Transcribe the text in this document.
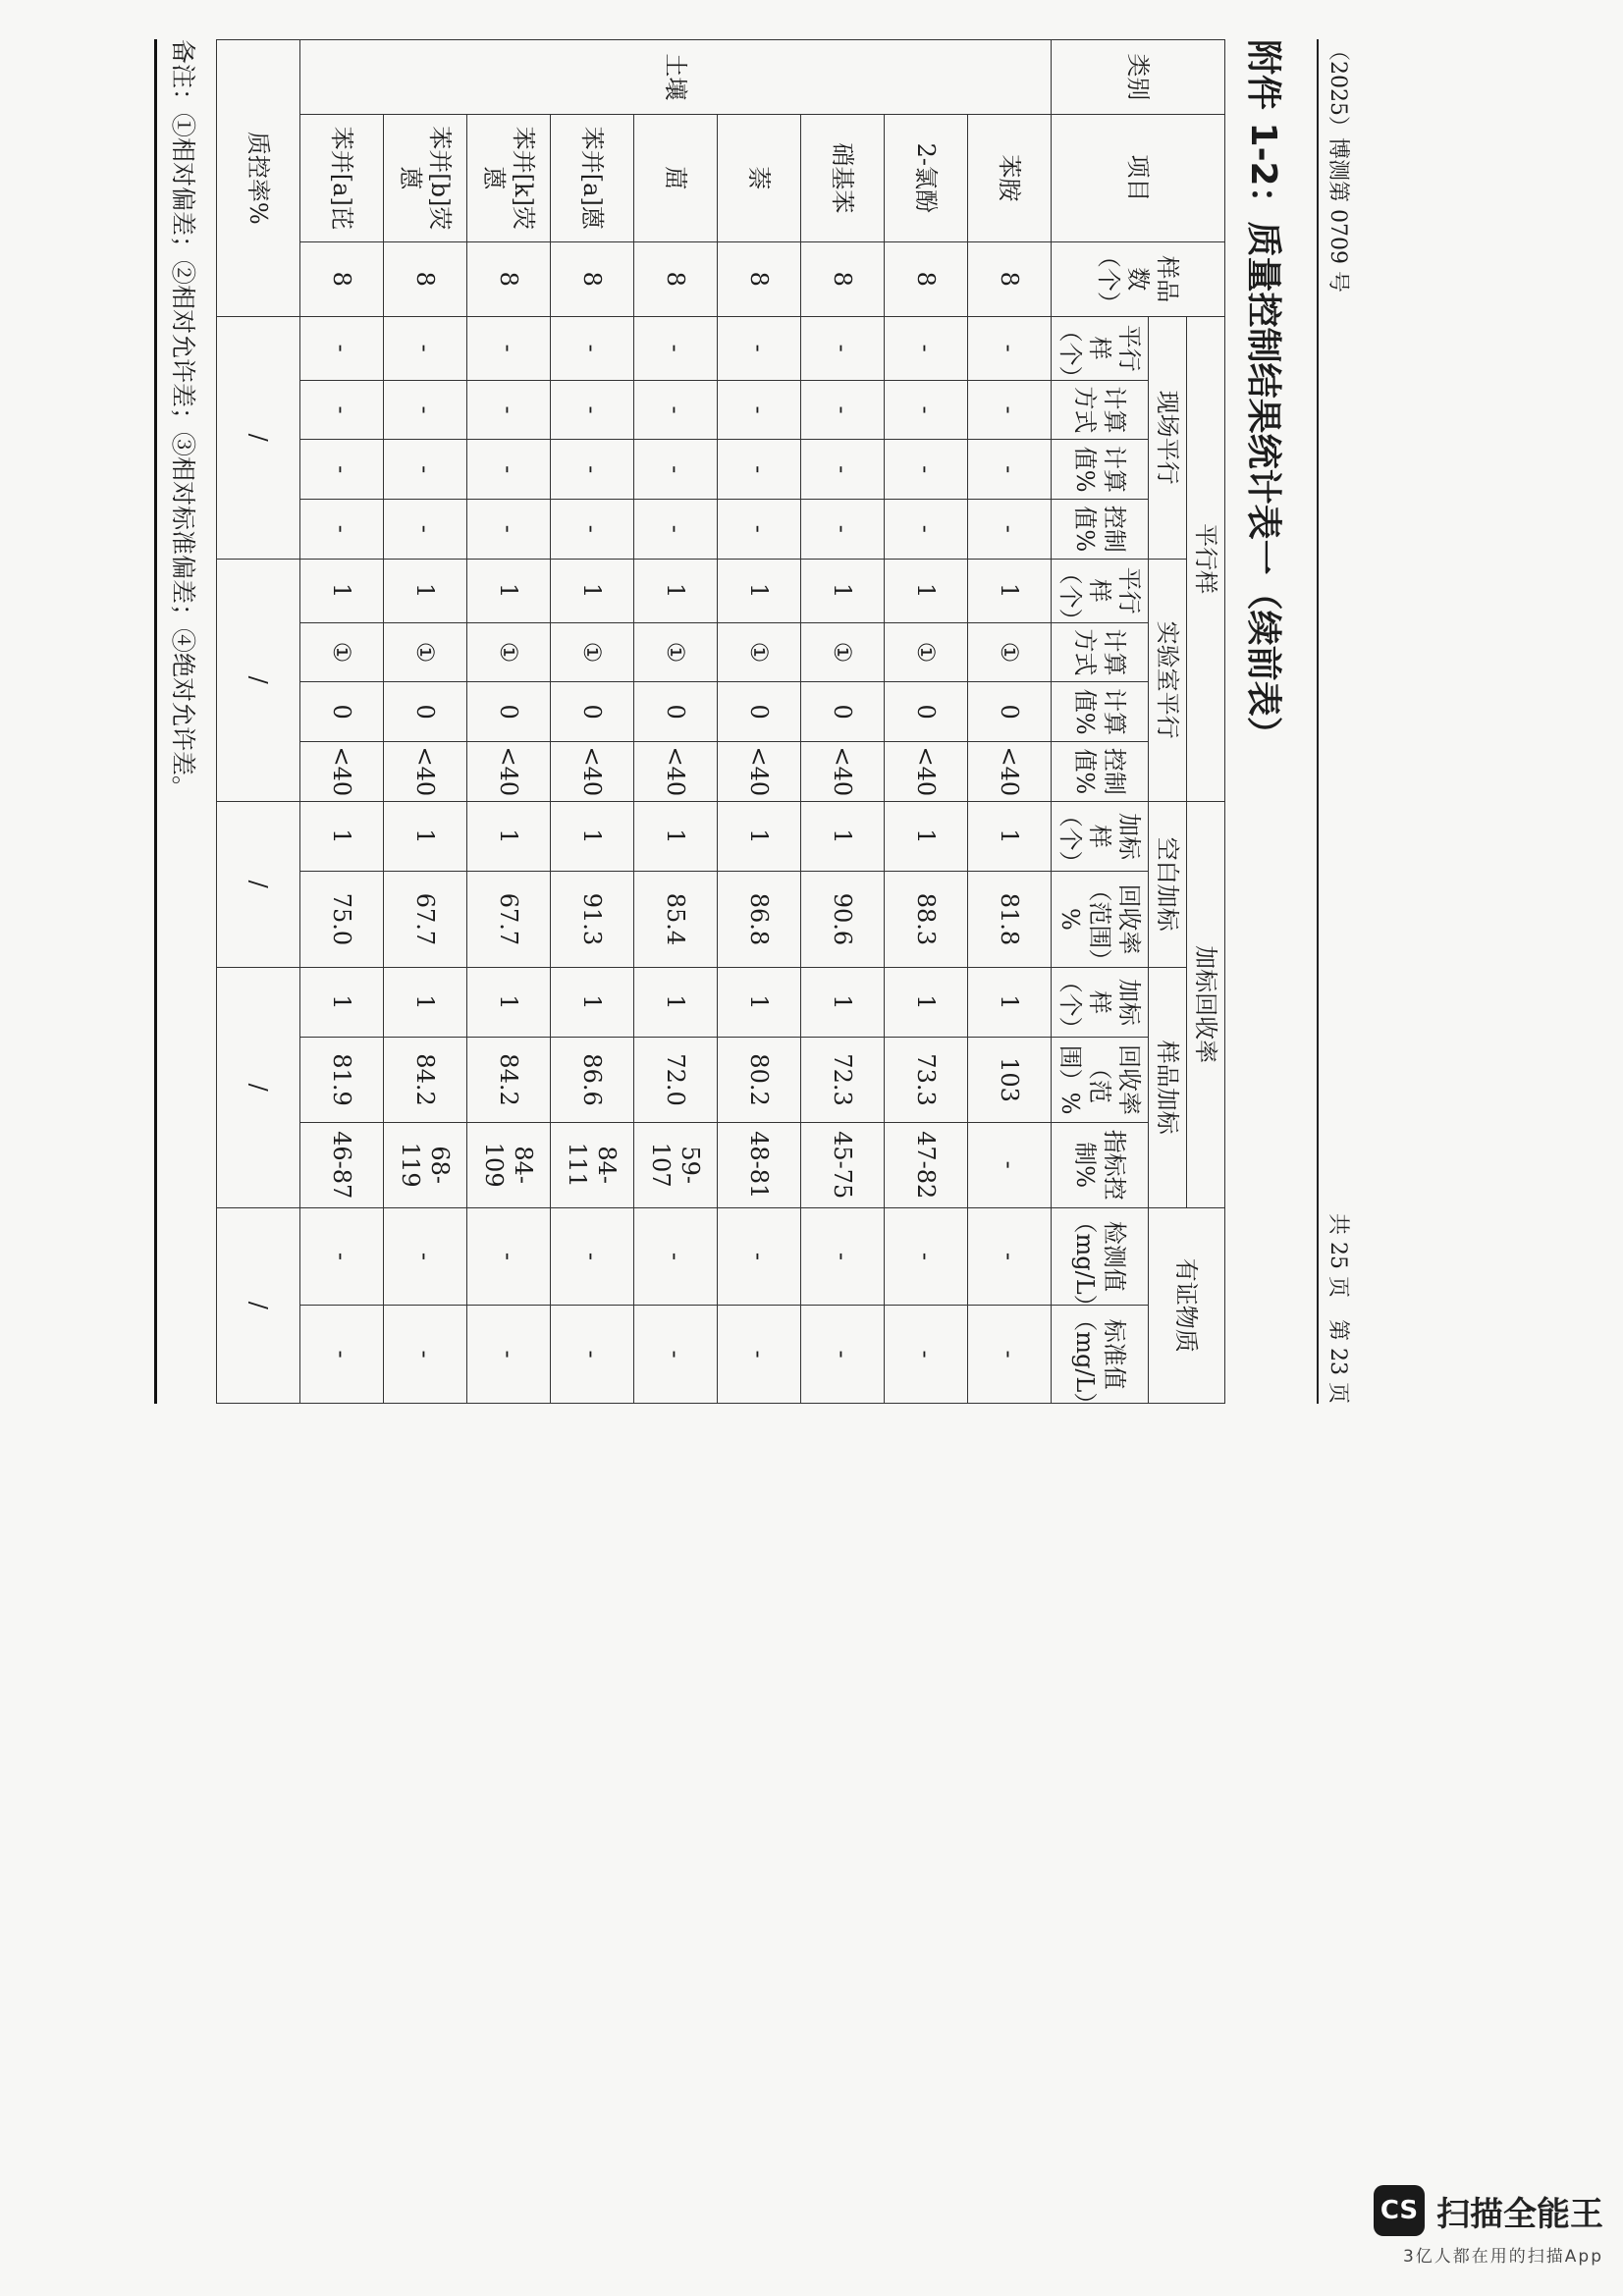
（2025）博测第 0709 号
共 25 页　第 23 页
附件 1-2：质量控制结果统计表一（续前表）
类别	项目	样品数（个）	平行样								加标回收率					有证物质	
			现场平行				实验室平行				空白加标		样品加标				
			平行样（个）	计算方式	计算值%	控制值%	平行样（个）	计算方式	计算值%	控制值%	加标样（个）	回收率（范围）%	加标样（个）	回收率（范围）%	指标控制%	检测值（mg/L）	标准值（mg/L）
土壤	苯胺	8	-	-	-	-	1	①	0	<40	1	81.8	1	103	-	-	-
	2-氯酚	8	-	-	-	-	1	①	0	<40	1	88.3	1	73.3	47-82	-	-
	硝基苯	8	-	-	-	-	1	①	0	<40	1	90.6	1	72.3	45-75	-	-
	萘	8	-	-	-	-	1	①	0	<40	1	86.8	1	80.2	48-81	-	-
	䓛	8	-	-	-	-	1	①	0	<40	1	85.4	1	72.0	59-107	-	-
	苯并[a]蒽	8	-	-	-	-	1	①	0	<40	1	91.3	1	86.6	84-111	-	-
	苯并[k]荧蒽	8	-	-	-	-	1	①	0	<40	1	67.7	1	84.2	84-109	-	-
	苯并[b]荧蒽	8	-	-	-	-	1	①	0	<40	1	67.7	1	84.2	68-119	-	-
	苯并[a]芘	8	-	-	-	-	1	①	0	<40	1	75.0	1	81.9	46-87	-	-
质控率%			/				/				/		/			/	
备注：①相对偏差；②相对允许差；③相对标准偏差；④绝对允许差。
CS 扫描全能王
3亿人都在用的扫描App
